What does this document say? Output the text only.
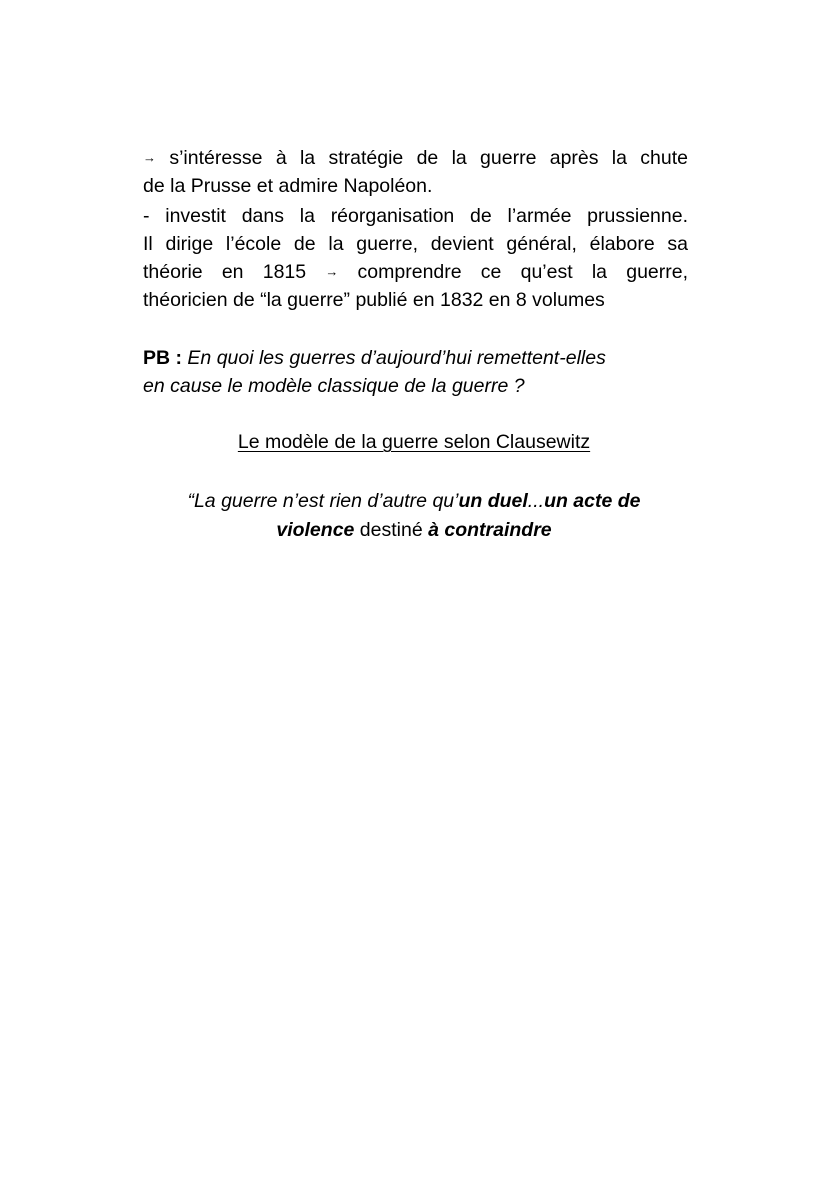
→ s’intéresse à la stratégie de la guerre après la chute
de la Prusse et admire Napoléon.
- investit dans la réorganisation de l’armée prussienne.
Il dirige l’école de la guerre, devient général, élabore sa
théorie en 1815 → comprendre ce qu’est la guerre,
théoricien de “la guerre” publié en 1832 en 8 volumes
PB : En quoi les guerres d’aujourd’hui remettent-elles
en cause le modèle classique de la guerre ?
Le modèle de la guerre selon Clausewitz
“La guerre n’est rien d’autre qu’un duel...un acte de
violence destiné à contraindre
